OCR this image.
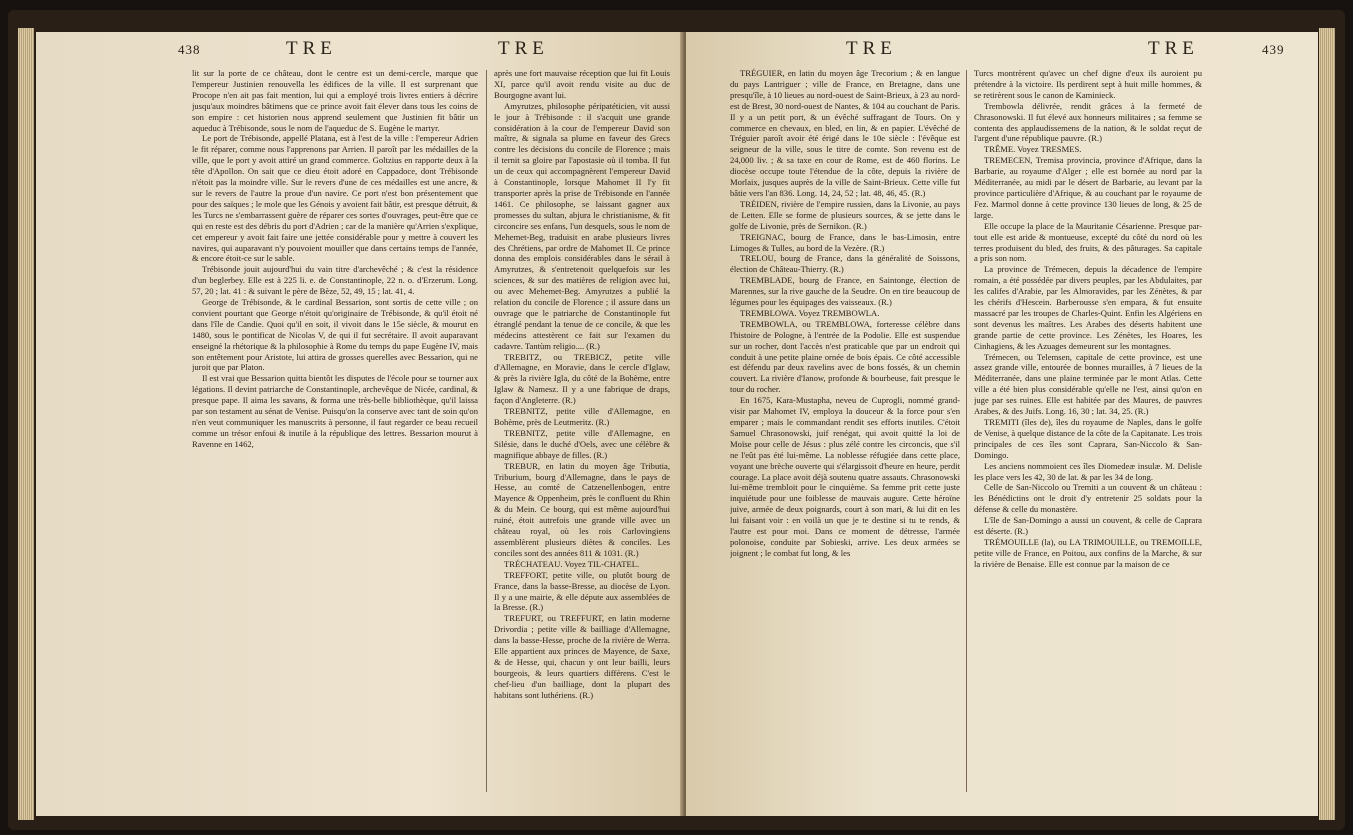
438	TRE	TRE

lit sur la porte de ce château, dont le centre est un demi-cercle, marque que l'empereur Justinien renouvella les édifices de la ville. Il est surprenant que Procope n'en ait pas fait mention, lui qui a employé trois livres entiers à décrire jusqu'aux moindres bâtimens que ce prince avoit fait élever dans tous les coins de son empire : cet historien nous apprend seulement que Justinien fit bâtir un aqueduc à Trébisonde, sous le nom de l'aqueduc de S. Eugène le martyr.

Le port de Trébisonde, appellé Platana, est à l'est de la ville : l'empereur Adrien le fit réparer, comme nous l'apprenons par Arrien. Il paroît par les médailles de la ville, que le port y avoit attiré un grand commerce. Goltzius en rapporte deux à la tête d'Apollon. On sait que ce dieu étoit adoré en Cappadoce, dont Trébisonde n'étoit pas la moindre ville. Sur le revers d'une de ces médailles est une ancre, & sur le revers de l'autre la proue d'un navire. Ce port n'est bon présentement que pour des saïques ; le mole que les Génois y avoient fait bâtir, est presque détruit, & les Turcs ne s'embarrassent guère de réparer ces sortes d'ouvrages, peut-être que ce qui en reste est des débris du port d'Adrien ; car de la manière qu'Arrien s'explique, cet empereur y avoit fait faire une jettée considérable pour y mettre à couvert les navires, qui auparavant n'y pouvoient mouiller que dans certains temps de l'année, & encore étoit-ce sur le sable.

Trébisonde jouit aujourd'hui du vain titre d'archevêché ; & c'est la résidence d'un beglerbey. Elle est à 225 li. e. de Constantinople, 22 n. o. d'Erzerum. Long. 57, 20 ; lat. 41 : & suivant le père de Bèze, 52, 49, 15 ; lat. 41, 4.

George de Trébisonde, & le cardinal Bessarion, sont sortis de cette ville ; on convient pourtant que George n'étoit qu'originaire de Trébisonde, & qu'il étoit né dans l'île de Candie. Quoi qu'il en soit, il vivoit dans le 15e siècle, & mourut en 1480, sous le pontificat de Nicolas V, de qui il fut secrétaire. Il avoit auparavant enseigné la rhétorique & la philosophie à Rome du temps du pape Eugène IV, mais son entêtement pour Aristote, lui attira de grosses querelles avec Bessarion, qui ne juroit que par Platon.

Il est vrai que Bessarion quitta bientôt les disputes de l'école pour se tourner aux légations. Il devint patriarche de Constantinople, archevêque de Nicée, cardinal, & presque pape. Il aima les savans, & forma une très-belle bibliothèque, qu'il laissa par son testament au sénat de Venise. Puisqu'on la conserve avec tant de soin qu'on n'en veut communiquer les manuscrits à personne, il faut regarder ce beau recueil comme un trésor enfoui & inutile à la république des lettres. Bessarion mourut à Ravenne en 1462,

après une fort mauvaise réception que lui fit Louis XI, parce qu'il avoit rendu visite au duc de Bourgogne avant lui.

Amyrutzes, philosophe péripatéticien, vit aussi le jour à Trébisonde : il s'acquit une grande considération à la cour de l'empereur David son maître, & signala sa plume en faveur des Grecs contre les décisions du concile de Florence ; mais il ternit sa gloire par l'apostasie où il tomba. Il fut un de ceux qui accompagnèrent l'empereur David à Constantinople, lorsque Mahomet II l'y fit transporter après la prise de Trébisonde en l'année 1461. Ce philosophe, se laissant gagner aux promesses du sultan, abjura le christianisme, & fit circoncire ses enfans, l'un desquels, sous le nom de Mehemet-Beg, traduisit en arabe plusieurs livres des Chrétiens, par ordre de Mahomet II. Ce prince donna des emplois considérables dans le sérail à Amyrutzes, & s'entretenoit quelquefois sur les sciences, & sur des matières de religion avec lui, ou avec Mehemet-Beg. Amyrutzes a publié la relation du concile de Florence ; il assure dans un ouvrage que le patriarche de Constantinople fut étranglé pendant la tenue de ce concile, & que les médecins attestèrent ce fait sur l'examen du cadavre. Tantùm religio.... (R.)

TREBITZ, ou TREBICZ, petite ville d'Allemagne, en Moravie, dans le cercle d'Iglaw, & près la rivière Igla, du côté de la Bohème, entre Iglaw & Namesz. Il y a une fabrique de draps, façon d'Angleterre. (R.)

TREBNITZ, petite ville d'Allemagne, en Bohème, près de Leutmeritz. (R.)

TREBNITZ, petite ville d'Allemagne, en Silésie, dans le duché d'Oels, avec une célèbre & magnifique abbaye de filles. (R.)

TREBUR, en latin du moyen âge Tributia, Triburium, bourg d'Allemagne, dans le pays de Hesse, au comté de Catzenellenbogen, entre Mayence & Oppenheim, près le confluent du Rhin & du Mein. Ce bourg, qui est même aujourd'hui ruiné, étoit autrefois une grande ville avec un château royal, où les rois Carlovingiens assemblèrent plusieurs diètes & conciles. Les conciles sont des années 811 & 1031. (R.)

TRÉCHATEAU. Voyez TIL-CHATEL.

TREFFORT, petite ville, ou plutôt bourg de France, dans la basse-Bresse, au diocèse de Lyon. Il y a une mairie, & elle députe aux assemblées de la Bresse. (R.)

TREFURT, ou TREFFURT, en latin moderne Drivordia ; petite ville & bailliage d'Allemagne, dans la basse-Hesse, proche de la rivière de Werra. Elle appartient aux princes de Mayence, de Saxe, & de Hesse, qui, chacun y ont leur bailli, leurs bourgeois, & leurs quartiers différens. C'est le chef-lieu d'un bailliage, dont la plupart des habitans sont luthériens. (R.)

TRE	TRE	439

TRÉGUIER, en latin du moyen âge Trecorium ; & en langue du pays Lantriguer ; ville de France, en Bretagne, dans une presqu'île, à 10 lieues au nord-ouest de Saint-Brieux, à 23 au nord-est de Brest, 30 nord-ouest de Nantes, & 104 au couchant de Paris. Il y a un petit port, & un évêché suffragant de Tours. On y commerce en chevaux, en bled, en lin, & en papier. L'évêché de Tréguier paroît avoir été érigé dans le 10e siècle : l'évêque est seigneur de la ville, sous le titre de comte. Son revenu est de 24,000 liv. ; & sa taxe en cour de Rome, est de 460 florins. Le diocèse occupe toute l'étendue de la côte, depuis la rivière de Morlaix, jusques auprès de la ville de Saint-Brieux. Cette ville fut bâtie vers l'an 836. Long. 14, 24, 52 ; lat. 48, 46, 45. (R.)

TRÉIDEN, rivière de l'empire russien, dans la Livonie, au pays de Letten. Elle se forme de plusieurs sources, & se jette dans le golfe de Livonie, près de Sernikon. (R.)

TREIGNAC, bourg de France, dans le bas-Limosin, entre Limoges & Tulles, au bord de la Vezère. (R.)

TRELOU, bourg de France, dans la généralité de Soissons, élection de Château-Thierry. (R.)

TREMBLADE, bourg de France, en Saintonge, élection de Marennes, sur la rive gauche de la Seudre. On en tire beaucoup de légumes pour les équipages des vaisseaux. (R.)

TREMBLOWA. Voyez TREMBOWLA.

TREMBOWLA, ou TREMBLOWA, forteresse célèbre dans l'histoire de Pologne, à l'entrée de la Podolie. Elle est suspendue sur un rocher, dont l'accès n'est praticable que par un endroit qui conduit à une petite plaine ornée de bois épais. Ce côté accessible est défendu par deux ravelins avec de bons fossés, & un chemin couvert. La rivière d'Ianow, profonde & bourbeuse, fait presque le tour du rocher.

En 1675, Kara-Mustapha, neveu de Cuprogli, nommé grand-visir par Mahomet IV, employa la douceur & la force pour s'en emparer ; mais le commandant rendit ses efforts inutiles. C'étoit Samuel Chrasonowski, juif renégat, qui avoit quitté la loi de Moïse pour celle de Jésus : plus zélé contre les circoncis, que s'il ne l'eût pas été lui-même. La noblesse réfugiée dans cette place, voyant une brèche ouverte qui s'élargissoit d'heure en heure, perdit courage. La place avoit déjà soutenu quatre assauts. Chrasonowski lui-même trembloit pour le cinquième. Sa femme prit cette juste inquiétude pour une foiblesse de mauvais augure. Cette héroïne juive, armée de deux poignards, court à son mari, & lui dit en les lui faisant voir : en voilà un que je te destine si tu te rends, & l'autre est pour moi. Dans ce moment de détresse, l'armée polonoise, conduite par Sobieski, arrive. Les deux armées se joignent ; le combat fut long, & les

Turcs montrèrent qu'avec un chef digne d'eux ils auroient pu prétendre à la victoire. Ils perdirent sept à huit mille hommes, & se retirèrent sous le canon de Kaminieck.

Trembowla délivrée, rendit grâces à la fermeté de Chrasonowski. Il fut élevé aux honneurs militaires ; sa femme se contenta des applaudissemens de la nation, & le soldat reçut de l'argent d'une république pauvre. (R.)

TRÊME. Voyez TRESMES.

TREMECEN, Tremisa provincia, province d'Afrique, dans la Barbarie, au royaume d'Alger ; elle est bornée au nord par la Méditerranée, au midi par le désert de Barbarie, au levant par la province particulière d'Afrique, & au couchant par le royaume de Fez. Marmol donne à cette province 130 lieues de long, & 25 de large.

Elle occupe la place de la Mauritanie Césarienne. Presque par-tout elle est aride & montueuse, excepté du côté du nord où les terres produisent du bled, des fruits, & des pâturages. Sa capitale a pris son nom.

La province de Trémecen, depuis la décadence de l'empire romain, a été possédée par divers peuples, par les Abdulaites, par les califes d'Arabie, par les Almoravides, par les Zénètes, & par les chérifs d'Hescein. Barberousse s'en empara, & fut ensuite massacré par les troupes de Charles-Quint. Enfin les Algériens en sont devenus les maîtres. Les Arabes des déserts habitent une grande partie de cette province. Les Zénètes, les Hoares, les Cinhagiens, & les Azuages demeurent sur les montagnes.

Trémecen, ou Telemsen, capitale de cette province, est une assez grande ville, entourée de bonnes murailles, à 7 lieues de la Méditerranée, dans une plaine terminée par le mont Atlas. Cette ville a été bien plus considérable qu'elle ne l'est, ainsi qu'on en juge par ses ruines. Elle est habitée par des Maures, de pauvres Arabes, & des Juifs. Long. 16, 30 ; lat. 34, 25. (R.)

TREMITI (îles de), îles du royaume de Naples, dans le golfe de Venise, à quelque distance de la côte de la Capitanate. Les trois principales de ces îles sont Caprara, San-Niccolo & San-Domingo.

Les anciens nommoient ces îles Diomedeæ insulæ. M. Delisle les place vers les 42, 30 de lat. & par les 34 de long.

Celle de San-Niccolo ou Tremiti a un couvent & un château : les Bénédictins ont le droit d'y entretenir 25 soldats pour la défense & celle du monastère.

L'île de San-Domingo a aussi un couvent, & celle de Caprara est déserte. (R.)

TRÉMOUILLE (la), ou LA TRIMOUILLE, ou TREMOILLE, petite ville de France, en Poitou, aux confins de la Marche, & sur la rivière de Benaise. Elle est connue par la maison de ce
